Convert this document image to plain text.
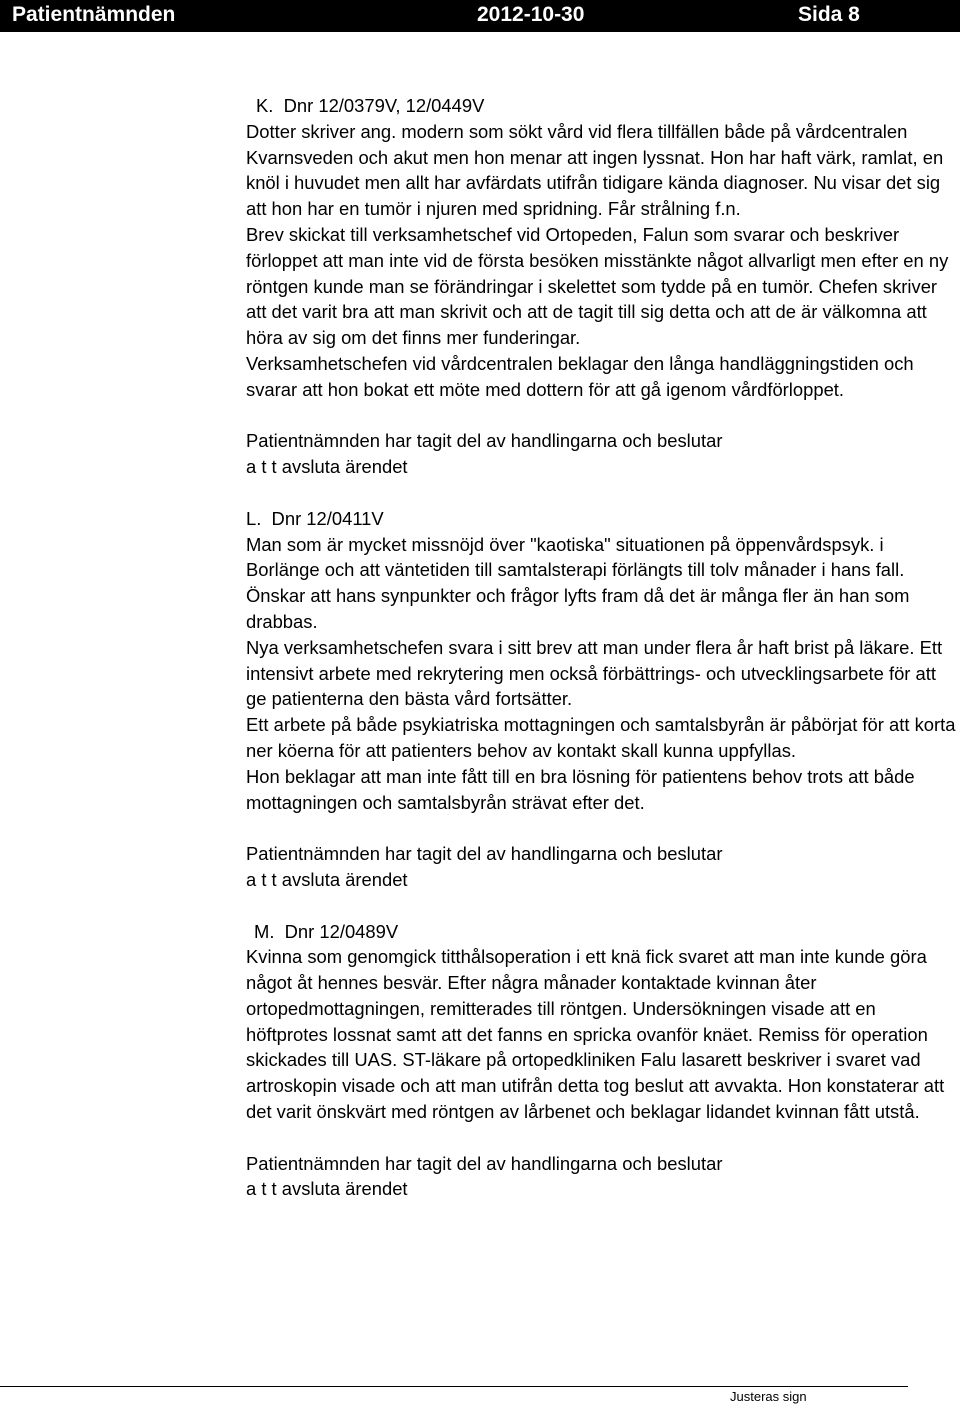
Patientnämnden	2012-10-30	Sida 8
K.  Dnr 12/0379V, 12/0449V

Dotter skriver ang. modern som sökt vård vid flera tillfällen både på vårdcentralen Kvarnsveden och akut men hon menar att ingen lyssnat. Hon har haft värk, ramlat, en knöl i huvudet men allt har avfärdats utifrån tidigare kända diagnoser. Nu visar det sig att hon har en tumör i njuren med spridning. Får strålning f.n.

Brev skickat till verksamhetschef vid Ortopeden, Falun som svarar och beskriver förloppet att man inte vid de första besöken misstänkte något allvarligt men efter en ny röntgen kunde man se förändringar i skelettet som tydde på en tumör. Chefen skriver att det varit bra att man skrivit och att de tagit till sig detta och att de är välkomna att höra av sig om det finns mer funderingar.

Verksamhetschefen vid vårdcentralen beklagar den långa handläggningstiden och svarar att hon bokat ett möte med dottern för att gå igenom vårdförloppet.

Patientnämnden har tagit del av handlingarna och beslutar

a t t avsluta ärendet

L.  Dnr 12/0411V

Man som är mycket missnöjd över "kaotiska" situationen på öppenvårdspsyk. i Borlänge och att väntetiden till samtalsterapi förlängts till tolv månader i hans fall. Önskar att hans synpunkter och frågor lyfts fram då det är många fler än han som drabbas.

Nya verksamhetschefen svara i sitt brev att man under flera år haft brist på läkare. Ett intensivt arbete med rekrytering men också förbättrings- och utvecklingsarbete för att ge patienterna den bästa vård fortsätter.

Ett arbete på både psykiatriska mottagningen och samtalsbyrån är påbörjat för att korta ner köerna för att patienters behov av kontakt skall kunna uppfyllas.

Hon beklagar att man inte fått till en bra lösning för patientens behov trots att både mottagningen och samtalsbyrån strävat efter det.

Patientnämnden har tagit del av handlingarna och beslutar

a t t avsluta ärendet

M.  Dnr 12/0489V

Kvinna som genomgick titthålsoperation i ett knä fick svaret att man inte kunde göra något åt hennes besvär. Efter några månader kontaktade kvinnan åter ortopedmottagningen, remitterades till röntgen. Undersökningen visade att en höftprotes lossnat samt att det fanns en spricka ovanför knäet. Remiss för operation skickades till UAS. ST-läkare på ortopedkliniken Falu lasarett beskriver i svaret vad artroskopin visade och att man utifrån detta tog beslut att avvakta. Hon konstaterar att det varit önskvärt med röntgen av lårbenet och beklagar lidandet kvinnan fått utstå.

Patientnämnden har tagit del av handlingarna och beslutar

a t t avsluta ärendet

Justeras sign
